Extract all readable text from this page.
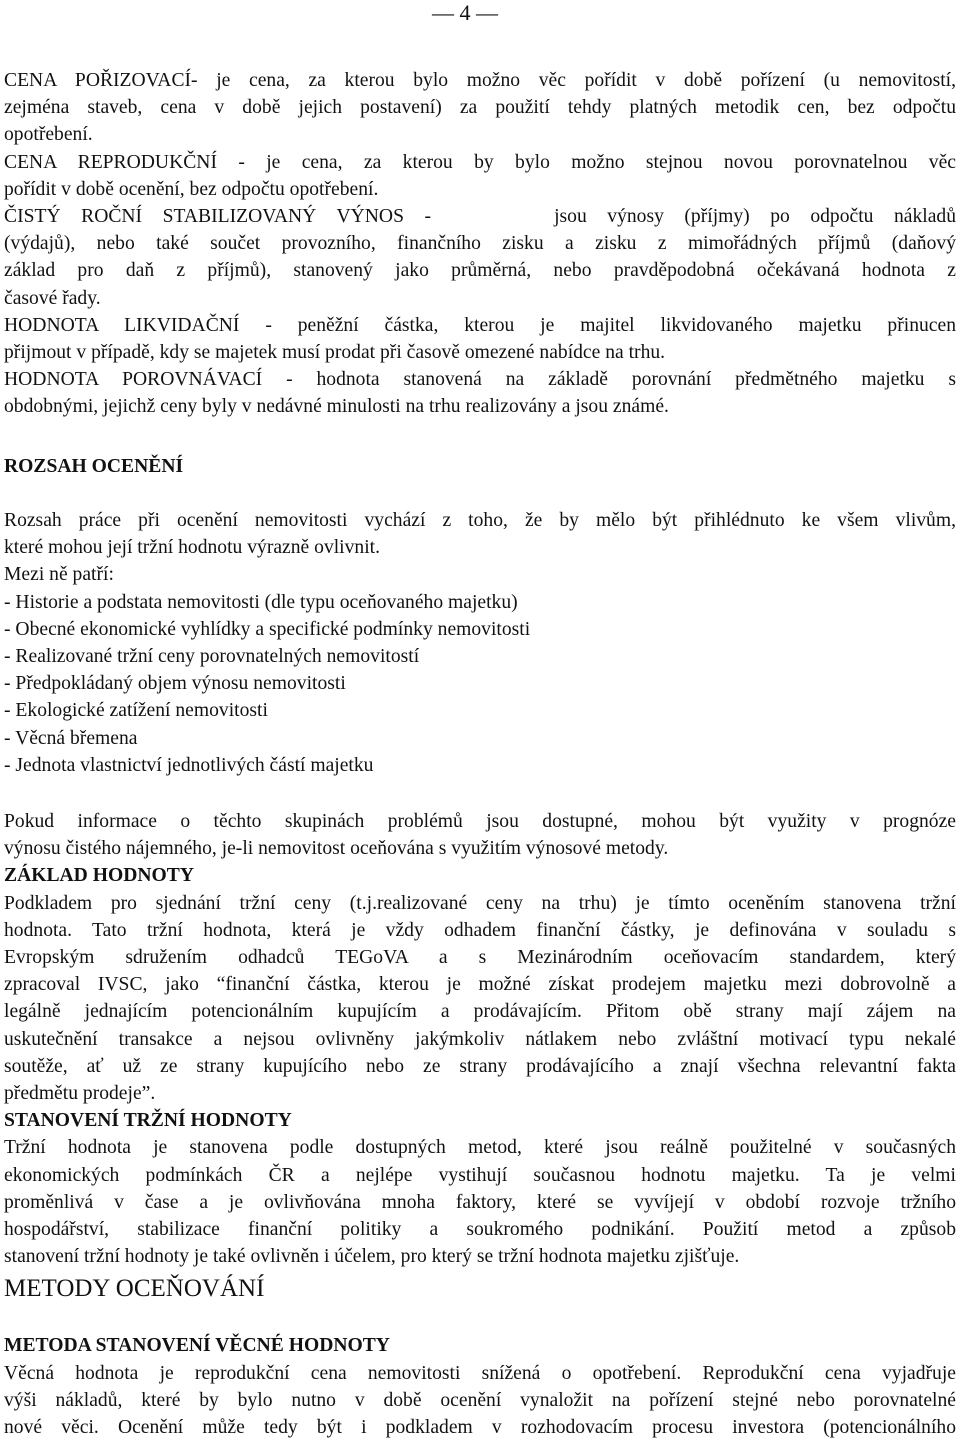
— 4 —
CENA POŘIZOVACÍ- je cena, za kterou bylo možno věc pořídit v době pořízení (u nemovitostí,
zejména staveb, cena v době jejich postavení) za použití tehdy platných metodik cen, bez odpočtu
opotřebení.
CENA REPRODUKČNÍ - je cena, za kterou by bylo možno stejnou novou porovnatelnou věc
pořídit v době ocenění, bez odpočtu opotřebení.
ČISTÝ ROČNÍ STABILIZOVANÝ VÝNOS -      jsou výnosy (příjmy) po odpočtu nákladů
(výdajů), nebo také součet provozního, finančního zisku a zisku z mimořádných příjmů (daňový
základ pro daň z příjmů), stanovený jako průměrná, nebo pravděpodobná očekávaná hodnota z
časové řady.
HODNOTA LIKVIDAČNÍ - peněžní částka, kterou je majitel likvidovaného majetku přinucen
přijmout v případě, kdy se majetek musí prodat při časově omezené nabídce na trhu.
HODNOTA POROVNÁVACÍ - hodnota stanovená na základě porovnání předmětného majetku s
obdobnými, jejichž ceny byly v nedávné minulosti na trhu realizovány a jsou známé.
ROZSAH OCENĚNÍ
Rozsah práce při ocenění nemovitosti vychází z toho, že by mělo být přihlédnuto ke všem vlivům,
které mohou její tržní hodnotu výrazně ovlivnit.
Mezi ně patří:
- Historie a podstata nemovitosti (dle typu oceňovaného majetku)
- Obecné ekonomické vyhlídky a specifické podmínky nemovitosti
- Realizované tržní ceny porovnatelných nemovitostí
- Předpokládaný objem výnosu nemovitosti
- Ekologické zatížení nemovitosti
- Věcná břemena
- Jednota vlastnictví jednotlivých částí majetku
Pokud informace o těchto skupinách problémů jsou dostupné, mohou být využity v prognóze
výnosu čistého nájemného, je-li nemovitost oceňována s využitím výnosové metody.
ZÁKLAD HODNOTY
Podkladem pro sjednání tržní ceny (t.j.realizované ceny na trhu) je tímto oceněním stanovena tržní
hodnota. Tato tržní hodnota, která je vždy odhadem finanční částky, je definována v souladu s
Evropským sdružením odhadců TEGoVA a s Mezinárodním oceňovacím standardem, který
zpracoval IVSC, jako “finanční částka, kterou je možné získat prodejem majetku mezi dobrovolně a
legálně jednajícím potencionálním kupujícím a prodávajícím. Přitom obě strany mají zájem na
uskutečnění transakce a nejsou ovlivněny jakýmkoliv nátlakem nebo zvláštní motivací typu nekalé
soutěže, ať už ze strany kupujícího nebo ze strany prodávajícího a znají všechna relevantní fakta
předmětu prodeje”.
STANOVENÍ TRŽNÍ HODNOTY
Tržní hodnota je stanovena podle dostupných metod, které jsou reálně použitelné v současných
ekonomických podmínkách ČR a nejlépe vystihují současnou hodnotu majetku. Ta je velmi
proměnlivá v čase a je ovlivňována mnoha faktory, které se vyvíjejí v období rozvoje tržního
hospodářství, stabilizace finanční politiky a soukromého podnikání. Použití metod a způsob
stanovení tržní hodnoty je také ovlivněn i účelem, pro který se tržní hodnota majetku zjišťuje.
METODY OCEŇOVÁNÍ
METODA STANOVENÍ VĚCNÉ HODNOTY
Věcná hodnota je reprodukční cena nemovitosti snížená o opotřebení. Reprodukční cena vyjadřuje
výši nákladů, které by bylo nutno v době ocenění vynaložit na pořízení stejné nebo porovnatelné
nové věci. Ocenění může tedy být i podkladem v rozhodovacím procesu investora (potencionálního
